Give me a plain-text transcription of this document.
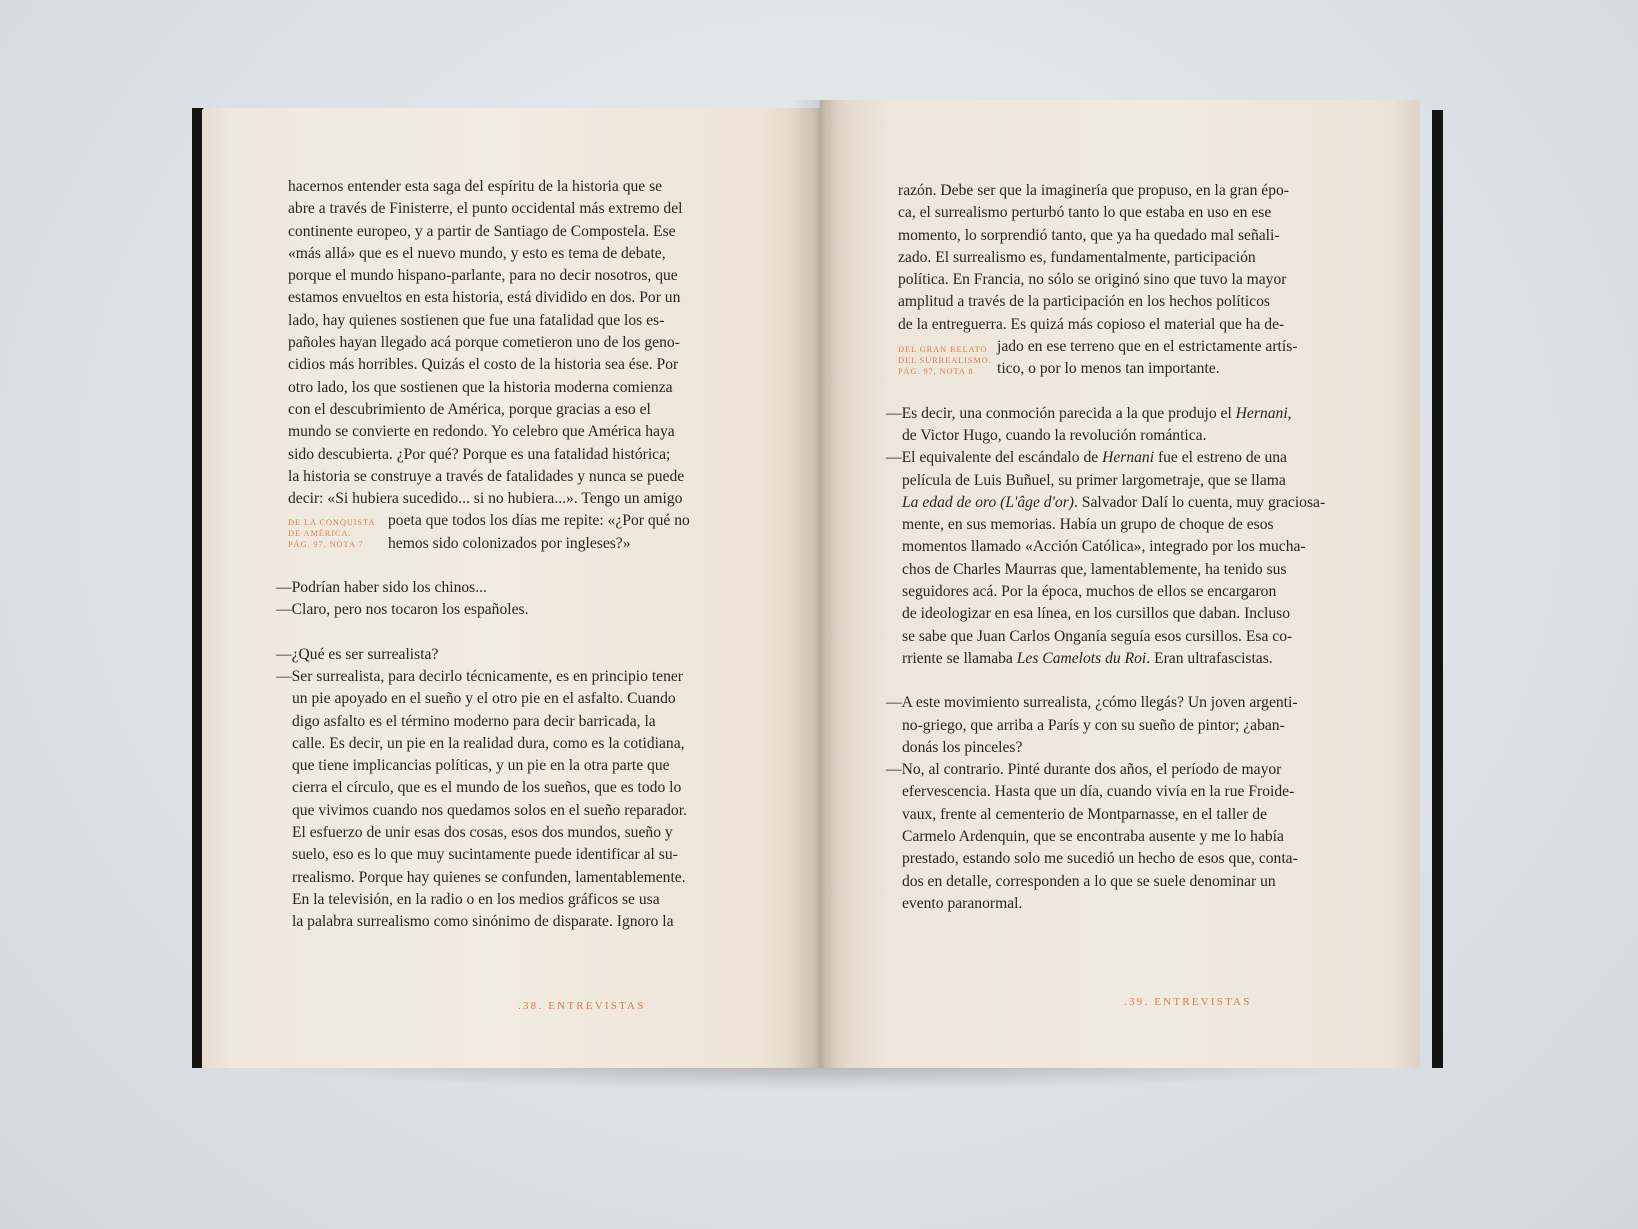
hacernos entender esta saga del espíritu de la historia que se
abre a través de Finisterre, el punto occidental más extremo del
continente europeo, y a partir de Santiago de Compostela. Ese
«más allá» que es el nuevo mundo, y esto es tema de debate,
porque el mundo hispano-parlante, para no decir nosotros, que
estamos envueltos en esta historia, está dividido en dos. Por un
lado, hay quienes sostienen que fue una fatalidad que los es-
pañoles hayan llegado acá porque cometieron uno de los geno-
cidios más horribles. Quizás el costo de la historia sea ése. Por
otro lado, los que sostienen que la historia moderna comienza
con el descubrimiento de América, porque gracias a eso el
mundo se convierte en redondo. Yo celebro que América haya
sido descubierta. ¿Por qué? Porque es una fatalidad histórica;
la historia se construye a través de fatalidades y nunca se puede
decir: «Si hubiera sucedido... si no hubiera...». Tengo un amigo
poeta que todos los días me repite: «¿Por qué no
hemos sido colonizados por ingleses?»
—Podrían haber sido los chinos...
—Claro, pero nos tocaron los españoles.
—¿Qué es ser surrealista?
—Ser surrealista, para decirlo técnicamente, es en principio tener
un pie apoyado en el sueño y el otro pie en el asfalto. Cuando
digo asfalto es el término moderno para decir barricada, la
calle. Es decir, un pie en la realidad dura, como es la cotidiana,
que tiene implicancias políticas, y un pie en la otra parte que
cierra el círculo, que es el mundo de los sueños, que es todo lo
que vivimos cuando nos quedamos solos en el sueño reparador.
El esfuerzo de unir esas dos cosas, esos dos mundos, sueño y
suelo, eso es lo que muy sucintamente puede identificar al su-
rrealismo. Porque hay quienes se confunden, lamentablemente.
En la televisión, en la radio o en los medios gráficos se usa
la palabra surrealismo como sinónimo de disparate. Ignoro la
DE LA CONQUISTA
DE AMÉRICA.
PÁG. 97, NOTA 7
.38. ENTREVISTAS
razón. Debe ser que la imaginería que propuso, en la gran épo-
ca, el surrealismo perturbó tanto lo que estaba en uso en ese
momento, lo sorprendió tanto, que ya ha quedado mal señali-
zado. El surrealismo es, fundamentalmente, participación
política. En Francia, no sólo se originó sino que tuvo la mayor
amplitud a través de la participación en los hechos políticos
de la entreguerra. Es quizá más copioso el material que ha de-
jado en ese terreno que en el estrictamente artís-
tico, o por lo menos tan importante.
—Es decir, una conmoción parecida a la que produjo el Hernani,
de Victor Hugo, cuando la revolución romántica.
—El equivalente del escándalo de Hernani fue el estreno de una
película de Luis Buñuel, su primer largometraje, que se llama
La edad de oro (L'âge d'or). Salvador Dalí lo cuenta, muy graciosa-
mente, en sus memorias. Había un grupo de choque de esos
momentos llamado «Acción Católica», integrado por los mucha-
chos de Charles Maurras que, lamentablemente, ha tenido sus
seguidores acá. Por la época, muchos de ellos se encargaron
de ideologizar en esa línea, en los cursillos que daban. Incluso
se sabe que Juan Carlos Onganía seguía esos cursillos. Esa co-
rriente se llamaba Les Camelots du Roi. Eran ultrafascistas.
—A este movimiento surrealista, ¿cómo llegás? Un joven argenti-
no-griego, que arriba a París y con su sueño de pintor; ¿aban-
donás los pinceles?
—No, al contrario. Pinté durante dos años, el período de mayor
efervescencia. Hasta que un día, cuando vivía en la rue Froide-
vaux, frente al cementerio de Montparnasse, en el taller de
Carmelo Ardenquin, que se encontraba ausente y me lo había
prestado, estando solo me sucedió un hecho de esos que, conta-
dos en detalle, corresponden a lo que se suele denominar un
evento paranormal.
DEL GRAN RELATO
DEL SURREALISMO.
PÁG. 97, NOTA 8
.39. ENTREVISTAS
